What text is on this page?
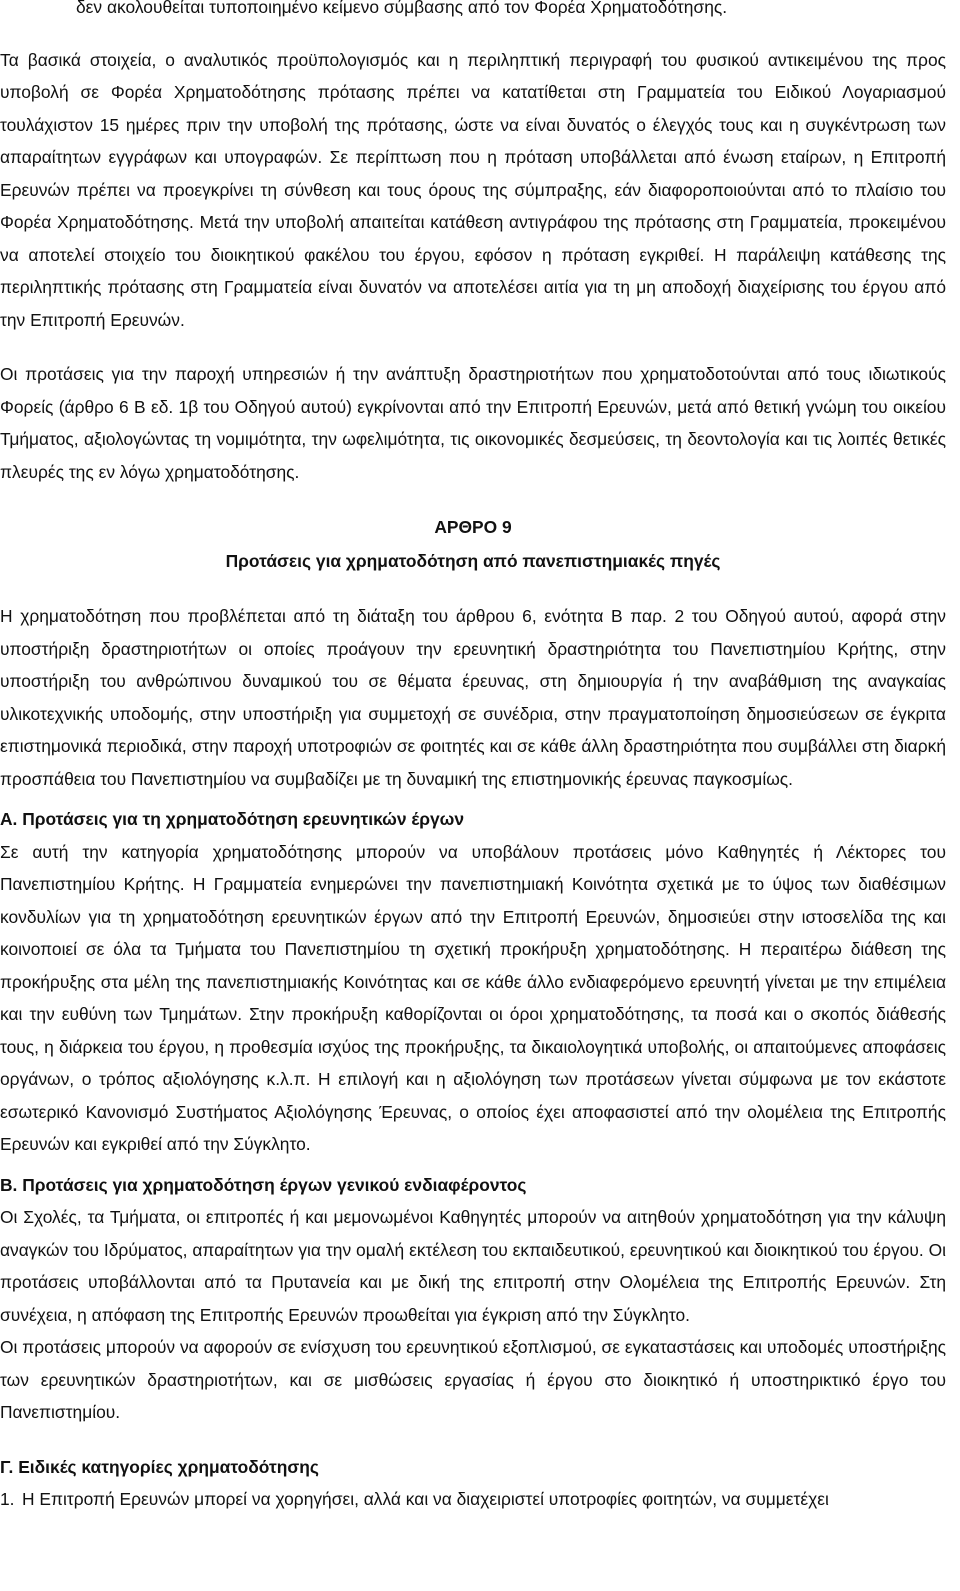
δεν ακολουθείται τυποποιημένο κείμενο σύμβασης από τον Φορέα Χρηματοδότησης.

Τα βασικά στοιχεία, ο αναλυτικός προϋπολογισμός και η περιληπτική περιγραφή του φυσικού αντικειμένου της προς υποβολή σε Φορέα Χρηματοδότησης πρότασης πρέπει να κατατίθεται στη Γραμματεία του Ειδικού Λογαριασμού τουλάχιστον 15 ημέρες πριν την υποβολή της πρότασης, ώστε να είναι δυνατός ο έλεγχός τους και η συγκέντρωση των απαραίτητων εγγράφων και υπογραφών. Σε περίπτωση που η πρόταση υποβάλλεται από ένωση εταίρων, η Επιτροπή Ερευνών πρέπει να προεγκρίνει τη σύνθεση και τους όρους της σύμπραξης, εάν διαφοροποιούνται από το πλαίσιο του Φορέα Χρηματοδότησης. Μετά την υποβολή απαιτείται κατάθεση αντιγράφου της πρότασης στη Γραμματεία, προκειμένου να αποτελεί στοιχείο του διοικητικού φακέλου του έργου, εφόσον η πρόταση εγκριθεί. Η παράλειψη κατάθεσης της περιληπτικής πρότασης στη Γραμματεία είναι δυνατόν να αποτελέσει αιτία για τη μη αποδοχή διαχείρισης του έργου από την Επιτροπή Ερευνών.

Οι προτάσεις για την παροχή υπηρεσιών ή την ανάπτυξη δραστηριοτήτων που χρηματοδοτούνται από τους ιδιωτικούς Φορείς (άρθρο 6 Β εδ. 1β του Οδηγού αυτού) εγκρίνονται από την Επιτροπή Ερευνών, μετά από θετική γνώμη του οικείου Τμήματος, αξιολογώντας τη νομιμότητα, την ωφελιμότητα, τις οικονομικές δεσμεύσεις, τη δεοντολογία και τις λοιπές θετικές πλευρές της εν λόγω χρηματοδότησης.

ΑΡΘΡΟ 9
Προτάσεις για χρηματοδότηση από πανεπιστημιακές πηγές

Η χρηματοδότηση που προβλέπεται από τη διάταξη του άρθρου 6, ενότητα Β παρ. 2 του Οδηγού αυτού, αφορά στην υποστήριξη δραστηριοτήτων οι οποίες προάγουν την ερευνητική δραστηριότητα του Πανεπιστημίου Κρήτης, στην υποστήριξη του ανθρώπινου δυναμικού του σε θέματα έρευνας, στη δημιουργία ή την αναβάθμιση της αναγκαίας υλικοτεχνικής υποδομής, στην υποστήριξη για συμμετοχή σε συνέδρια, στην πραγματοποίηση δημοσιεύσεων σε έγκριτα επιστημονικά περιοδικά, στην παροχή υποτροφιών σε φοιτητές και σε κάθε άλλη δραστηριότητα που συμβάλλει στη διαρκή προσπάθεια του Πανεπιστημίου να συμβαδίζει με τη δυναμική της επιστημονικής έρευνας παγκοσμίως.

Α. Προτάσεις για τη χρηματοδότηση ερευνητικών έργων

Σε αυτή την κατηγορία χρηματοδότησης μπορούν να υποβάλουν προτάσεις μόνο Καθηγητές ή Λέκτορες του Πανεπιστημίου Κρήτης. Η Γραμματεία ενημερώνει την πανεπιστημιακή Κοινότητα σχετικά με το ύψος των διαθέσιμων κονδυλίων για τη χρηματοδότηση ερευνητικών έργων από την Επιτροπή Ερευνών, δημοσιεύει στην ιστοσελίδα της και κοινοποιεί σε όλα τα Τμήματα του Πανεπιστημίου τη σχετική προκήρυξη χρηματοδότησης. Η περαιτέρω διάθεση της προκήρυξης στα μέλη της πανεπιστημιακής Κοινότητας και σε κάθε άλλο ενδιαφερόμενο ερευνητή γίνεται με την επιμέλεια και την ευθύνη των Τμημάτων. Στην προκήρυξη καθορίζονται οι όροι χρηματοδότησης, τα ποσά και ο σκοπός διάθεσής τους, η διάρκεια του έργου, η προθεσμία ισχύος της προκήρυξης, τα δικαιολογητικά υποβολής, οι απαιτούμενες αποφάσεις οργάνων, ο τρόπος αξιολόγησης κ.λ.π. Η επιλογή και η αξιολόγηση των προτάσεων γίνεται σύμφωνα με τον εκάστοτε εσωτερικό Κανονισμό Συστήματος Αξιολόγησης Έρευνας, ο οποίος έχει αποφασιστεί από την ολομέλεια της Επιτροπής Ερευνών και εγκριθεί από την Σύγκλητο.

Β. Προτάσεις για χρηματοδότηση έργων γενικού ενδιαφέροντος

Οι Σχολές, τα Τμήματα, οι επιτροπές ή και μεμονωμένοι Καθηγητές μπορούν να αιτηθούν χρηματοδότηση για την κάλυψη αναγκών του Ιδρύματος, απαραίτητων για την ομαλή εκτέλεση του εκπαιδευτικού, ερευνητικού και διοικητικού του έργου. Οι προτάσεις υποβάλλονται από τα Πρυτανεία και με δική της επιτροπή στην Ολομέλεια της Επιτροπής Ερευνών. Στη συνέχεια, η απόφαση της Επιτροπής Ερευνών προωθείται για έγκριση από την Σύγκλητο.

Οι προτάσεις μπορούν να αφορούν σε ενίσχυση του ερευνητικού εξοπλισμού, σε εγκαταστάσεις και υποδομές υποστήριξης των ερευνητικών δραστηριοτήτων, και σε μισθώσεις εργασίας ή έργου στο διοικητικό ή υποστηρικτικό έργο του Πανεπιστημίου.

Γ. Ειδικές κατηγορίες χρηματοδότησης
1. Η Επιτροπή Ερευνών μπορεί να χορηγήσει, αλλά και να διαχειριστεί υποτροφίες φοιτητών, να συμμετέχει
